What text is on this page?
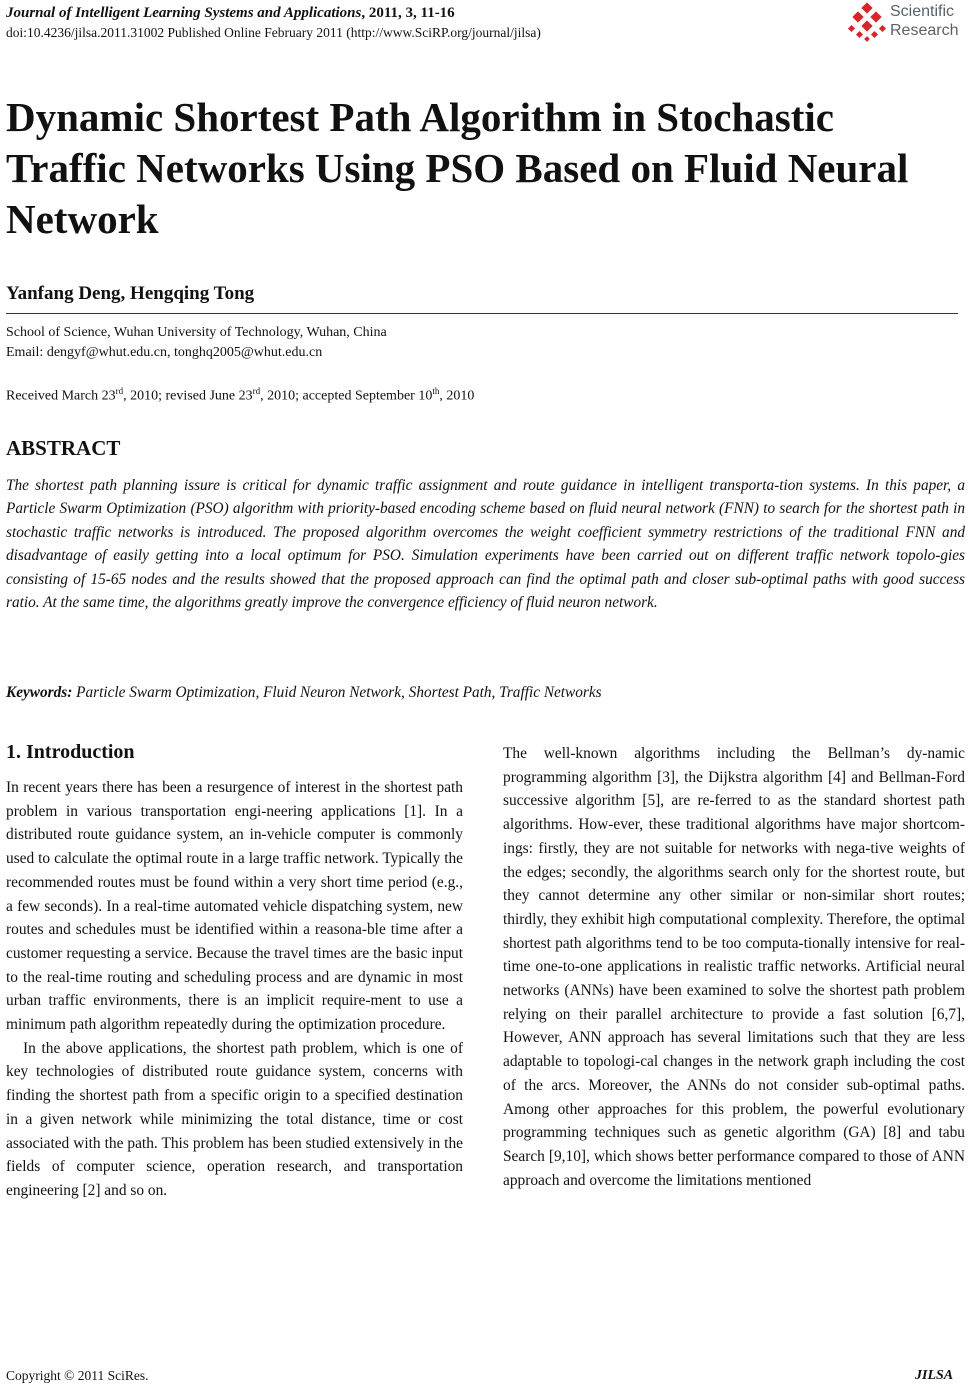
Journal of Intelligent Learning Systems and Applications, 2011, 3, 11-16
doi:10.4236/jilsa.2011.31002 Published Online February 2011 (http://www.SciRP.org/journal/jilsa)
Scientific
Research
Dynamic Shortest Path Algorithm in Stochastic Traffic Networks Using PSO Based on Fluid Neural Network
Yanfang Deng, Hengqing Tong
School of Science, Wuhan University of Technology, Wuhan, China
Email: dengyf@whut.edu.cn, tonghq2005@whut.edu.cn
Received March 23rd, 2010; revised June 23rd, 2010; accepted September 10th, 2010
ABSTRACT
The shortest path planning issure is critical for dynamic traffic assignment and route guidance in intelligent transporta-tion systems. In this paper, a Particle Swarm Optimization (PSO) algorithm with priority-based encoding scheme based on fluid neural network (FNN) to search for the shortest path in stochastic traffic networks is introduced. The proposed algorithm overcomes the weight coefficient symmetry restrictions of the traditional FNN and disadvantage of easily getting into a local optimum for PSO. Simulation experiments have been carried out on different traffic network topolo-gies consisting of 15-65 nodes and the results showed that the proposed approach can find the optimal path and closer sub-optimal paths with good success ratio. At the same time, the algorithms greatly improve the convergence efficiency of fluid neuron network.
Keywords: Particle Swarm Optimization, Fluid Neuron Network, Shortest Path, Traffic Networks
1. Introduction

In recent years there has been a resurgence of interest in the shortest path problem in various transportation engi-neering applications [1]. In a distributed route guidance system, an in-vehicle computer is commonly used to calculate the optimal route in a large traffic network. Typically the recommended routes must be found within a very short time period (e.g., a few seconds). In a real-time automated vehicle dispatching system, new routes and schedules must be identified within a reasona-ble time after a customer requesting a service. Because the travel times are the basic input to the real-time routing and scheduling process and are dynamic in most urban traffic environments, there is an implicit require-ment to use a minimum path algorithm repeatedly during the optimization procedure.

In the above applications, the shortest path problem, which is one of key technologies of distributed route guidance system, concerns with finding the shortest path from a specific origin to a specified destination in a given network while minimizing the total distance, time or cost associated with the path. This problem has been studied extensively in the fields of computer science, operation research, and transportation engineering [2] and so on.

The well-known algorithms including the Bellman’s dy-namic programming algorithm [3], the Dijkstra algorithm [4] and Bellman-Ford successive algorithm [5], are re-ferred to as the standard shortest path algorithms. How-ever, these traditional algorithms have major shortcom-ings: firstly, they are not suitable for networks with nega-tive weights of the edges; secondly, the algorithms search only for the shortest route, but they cannot determine any other similar or non-similar short routes; thirdly, they exhibit high computational complexity. Therefore, the optimal shortest path algorithms tend to be too computa-tionally intensive for real-time one-to-one applications in realistic traffic networks. Artificial neural networks (ANNs) have been examined to solve the shortest path problem relying on their parallel architecture to provide a fast solution [6,7], However, ANN approach has several limitations such that they are less adaptable to topologi-cal changes in the network graph including the cost of the arcs. Moreover, the ANNs do not consider sub-optimal paths. Among other approaches for this problem, the powerful evolutionary programming techniques such as genetic algorithm (GA) [8] and tabu Search [9,10], which shows better performance compared to those of ANN approach and overcome the limitations mentioned

Copyright © 2011 SciRes.	JILSA
